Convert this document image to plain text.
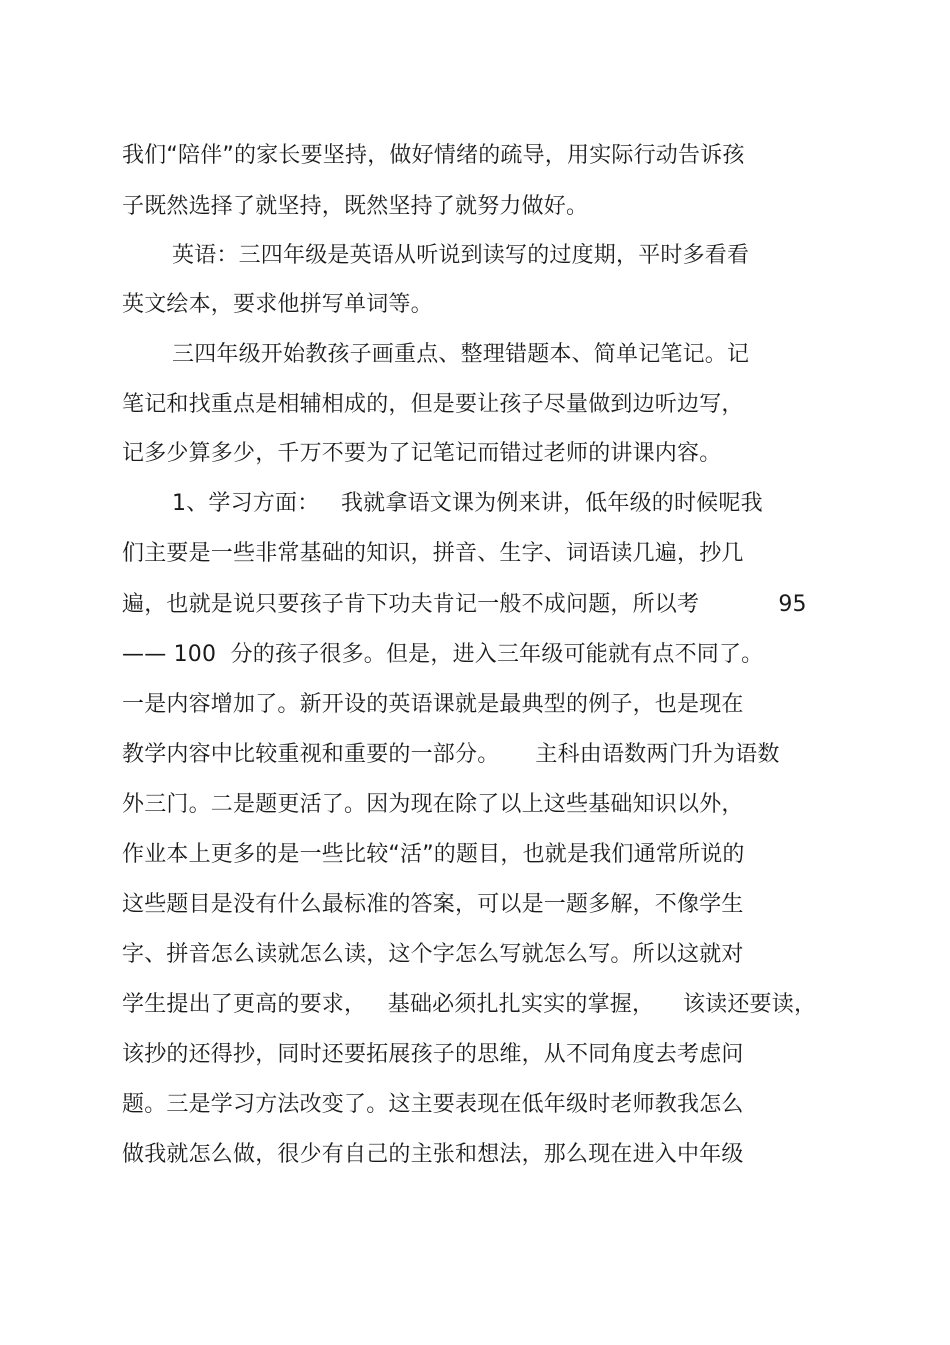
我们“陪伴”的家长要坚持，做好情绪的疏导，用实际行动告诉孩
子既然选择了就坚持，既然坚持了就努力做好。
英语：三四年级是英语从听说到读写的过度期，平时多看看
英文绘本，要求他拼写单词等。
三四年级开始教孩子画重点、整理错题本、简单记笔记。记
笔记和找重点是相辅相成的，但是要让孩子尽量做到边听边写，
记多少算多少，千万不要为了记笔记而错过老师的讲课内容。
1、学习方面：   我就拿语文课为例来讲，低年级的时候呢我
们主要是一些非常基础的知识，拼音、生字、词语读几遍，抄几
遍，也就是说只要孩子肯下功夫肯记一般不成问题，所以考           95
—— 100  分的孩子很多。但是，进入三年级可能就有点不同了。
一是内容增加了。新开设的英语课就是最典型的例子，也是现在
教学内容中比较重视和重要的一部分。     主科由语数两门升为语数
外三门。二是题更活了。因为现在除了以上这些基础知识以外，
作业本上更多的是一些比较“活”的题目，也就是我们通常所说的
这些题目是没有什么最标准的答案，可以是一题多解，不像学生
字、拼音怎么读就怎么读，这个字怎么写就怎么写。所以这就对
学生提出了更高的要求，   基础必须扎扎实实的掌握，    该读还要读，
该抄的还得抄，同时还要拓展孩子的思维，从不同角度去考虑问
题。三是学习方法改变了。这主要表现在低年级时老师教我怎么
做我就怎么做，很少有自己的主张和想法，那么现在进入中年级
